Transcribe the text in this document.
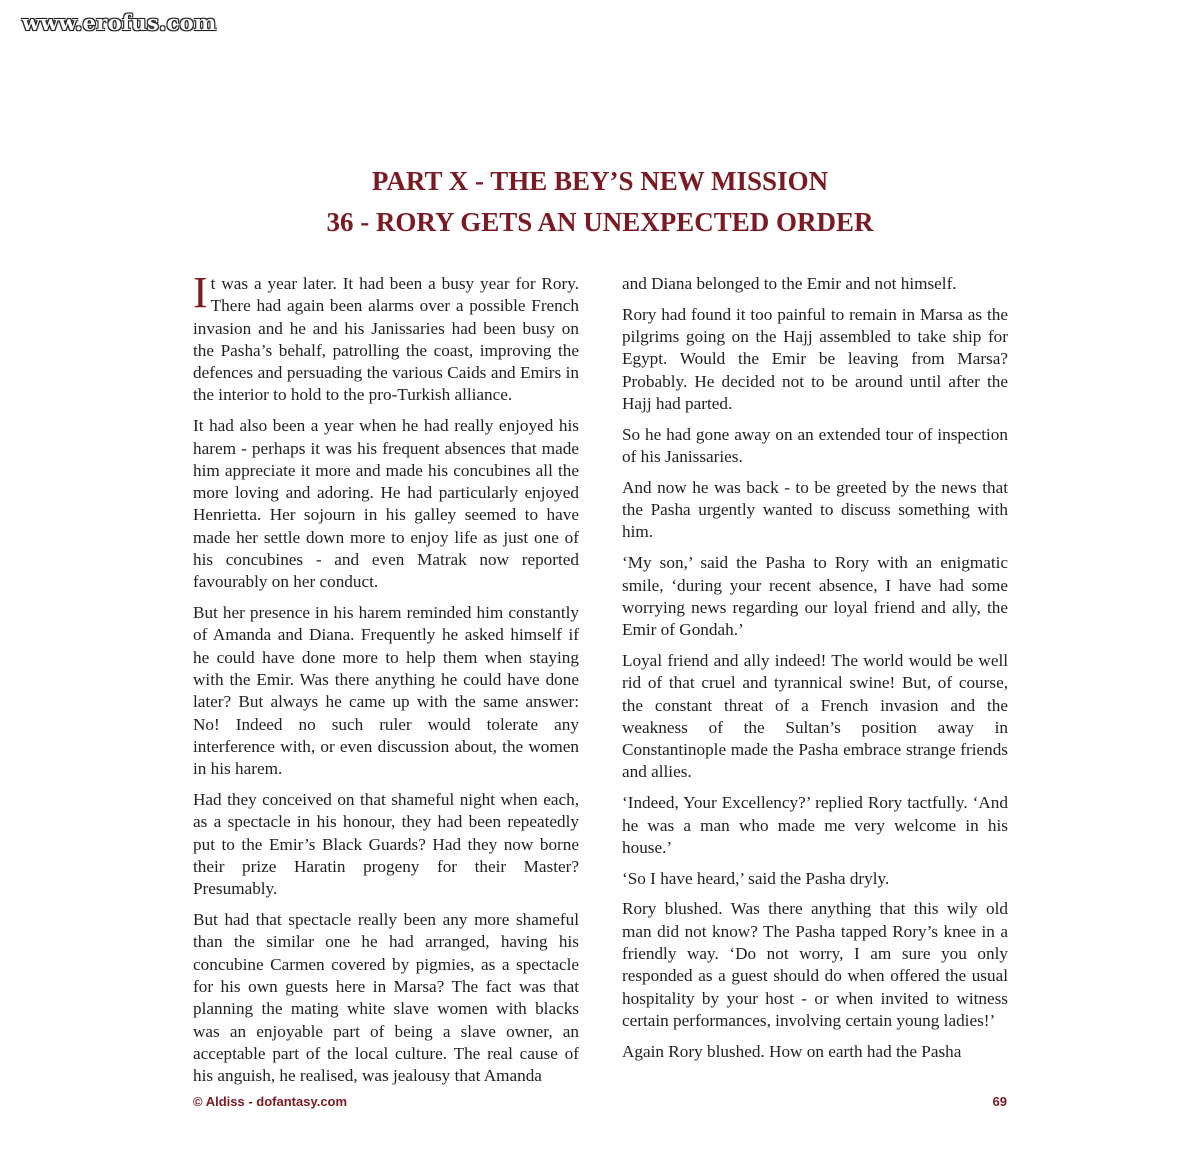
www.erofus.com
PART X - THE BEY’S NEW MISSION
36 - RORY GETS AN UNEXPECTED ORDER

It was a year later. It had been a busy year for Rory. There had again been alarms over a possible French invasion and he and his Janissaries had been busy on the Pasha’s behalf, patrolling the coast, improving the defences and persuading the various Caids and Emirs in the interior to hold to the pro-Turkish alliance.

It had also been a year when he had really enjoyed his harem - perhaps it was his frequent absences that made him appreciate it more and made his concubines all the more loving and adoring. He had particularly enjoyed Henrietta. Her sojourn in his galley seemed to have made her settle down more to enjoy life as just one of his concubines - and even Matrak now reported favourably on her conduct.

But her presence in his harem reminded him constantly of Amanda and Diana. Frequently he asked himself if he could have done more to help them when staying with the Emir. Was there anything he could have done later? But always he came up with the same answer: No! Indeed no such ruler would tolerate any interference with, or even discussion about, the women in his harem.

Had they conceived on that shameful night when each, as a spectacle in his honour, they had been repeatedly put to the Emir’s Black Guards? Had they now borne their prize Haratin progeny for their Master? Presumably.

But had that spectacle really been any more shameful than the similar one he had arranged, having his concubine Carmen covered by pigmies, as a spectacle for his own guests here in Marsa? The fact was that planning the mating white slave women with blacks was an enjoyable part of being a slave owner, an acceptable part of the local culture. The real cause of his anguish, he realised, was jealousy that Amanda

and Diana belonged to the Emir and not himself.

Rory had found it too painful to remain in Marsa as the pilgrims going on the Hajj assembled to take ship for Egypt. Would the Emir be leaving from Marsa? Probably. He decided not to be around until after the Hajj had parted.

So he had gone away on an extended tour of inspection of his Janissaries.

And now he was back - to be greeted by the news that the Pasha urgently wanted to discuss something with him.

‘My son,’ said the Pasha to Rory with an enigmatic smile, ‘during your recent absence, I have had some worrying news regarding our loyal friend and ally, the Emir of Gondah.’

Loyal friend and ally indeed! The world would be well rid of that cruel and tyrannical swine! But, of course, the constant threat of a French invasion and the weakness of the Sultan’s position away in Constantinople made the Pasha embrace strange friends and allies.

‘Indeed, Your Excellency?’ replied Rory tactfully. ‘And he was a man who made me very welcome in his house.’

‘So I have heard,’ said the Pasha dryly.

Rory blushed. Was there anything that this wily old man did not know? The Pasha tapped Rory’s knee in a friendly way. ‘Do not worry, I am sure you only responded as a guest should do when offered the usual hospitality by your host - or when invited to witness certain performances, involving certain young ladies!’

Again Rory blushed. How on earth had the Pasha

© Aldiss - dofantasy.com	69
